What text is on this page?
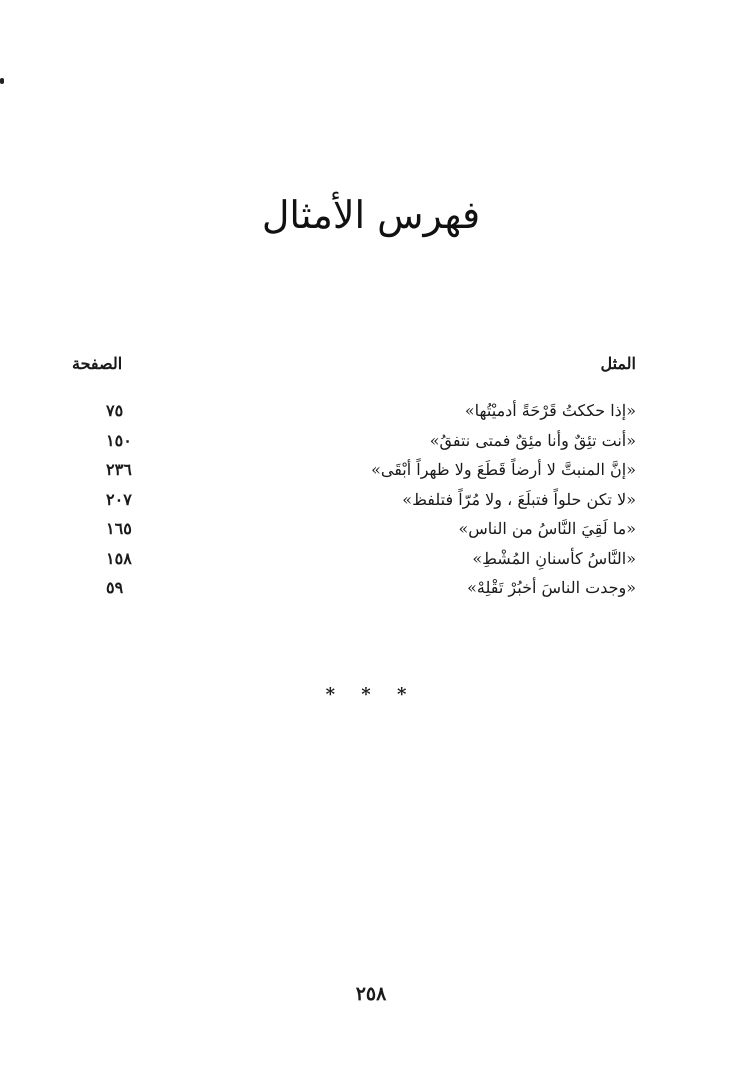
فهرس الأمثال
المثل
الصفحة
«إذا حككتُ قَرْحَةً أدميْتُها»
٧٥
«أنت تئِقٌ وأنا مئِقٌ فمتى نتفقُ»
١٥٠
«إنَّ المنبتَّ لا أرضاً قَطَعَ ولا ظهراً أبْقَى»
٢٣٦
«لا تكن حلواً فتبلَعَ ، ولا مُرّاً فتلفظ»
٢٠٧
«ما لَقِيَ النَّاسُ من الناس»
١٦٥
«النَّاسُ كأسنانِ المُشْطِ»
١٥٨
«وجدت الناسَ أخبُرْ تَقْلِهْ»
٥٩
* * *
٢٥٨
